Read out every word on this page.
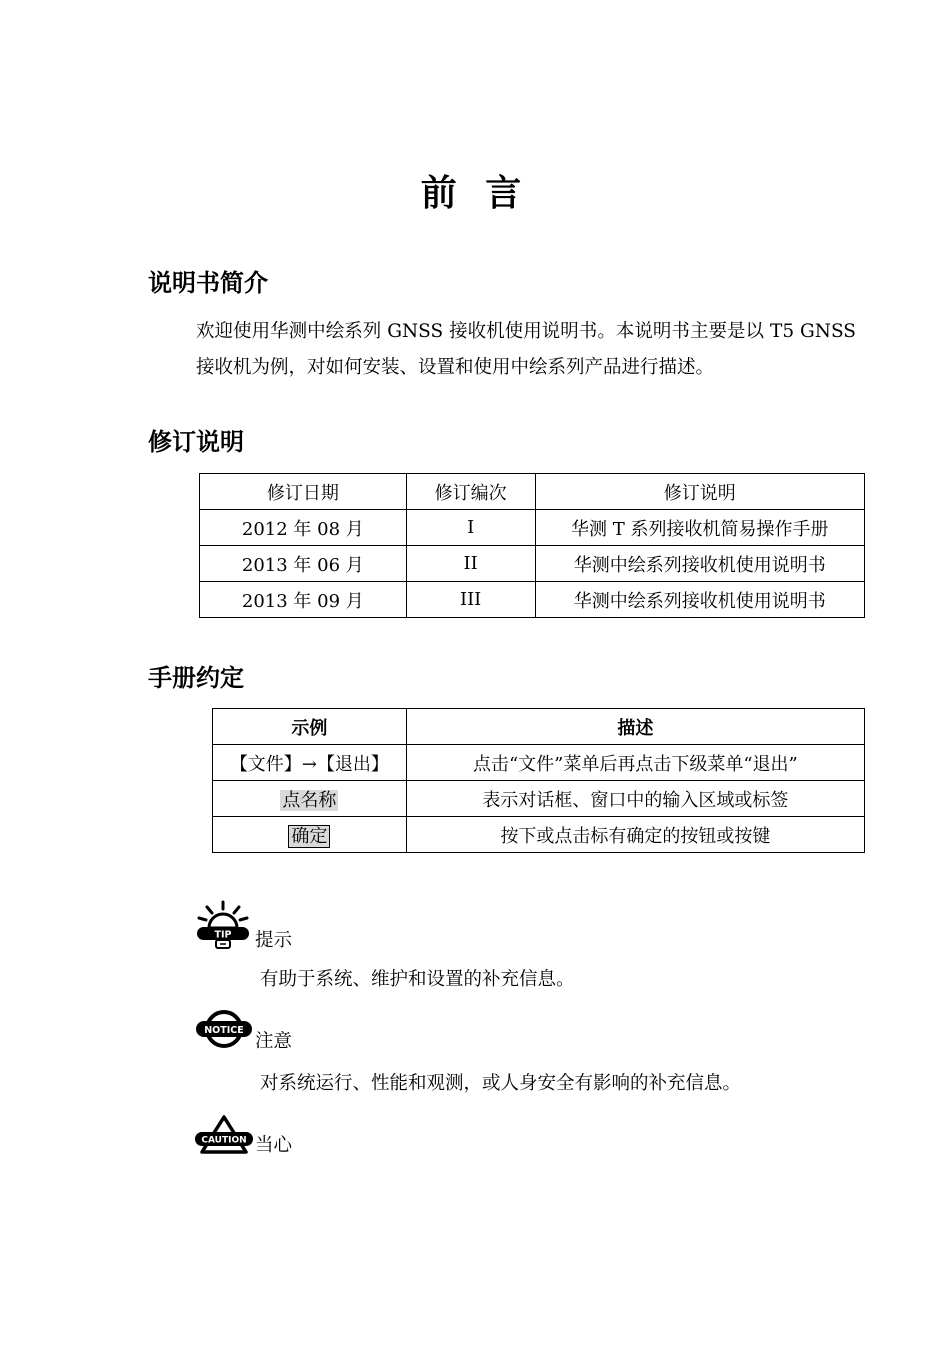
前 言
说明书简介
欢迎使用华测中绘系列 GNSS 接收机使用说明书。本说明书主要是以 T5 GNSS 接收机为例，对如何安装、设置和使用中绘系列产品进行描述。
修订说明
修订日期	修订编次	修订说明
2012 年 08 月	I	华测 T 系列接收机简易操作手册
2013 年 06 月	II	华测中绘系列接收机使用说明书
2013 年 09 月	III	华测中绘系列接收机使用说明书
手册约定
示例	描述
【文件】→【退出】	点击“文件”菜单后再点击下级菜单“退出”
点名称	表示对话框、窗口中的输入区域或标签
确定	按下或点击标有确定的按钮或按键
TIP 提示
有助于系统、维护和设置的补充信息。
NOTICE
注意
对系统运行、性能和观测，或人身安全有影响的补充信息。
CAUTION 当心
